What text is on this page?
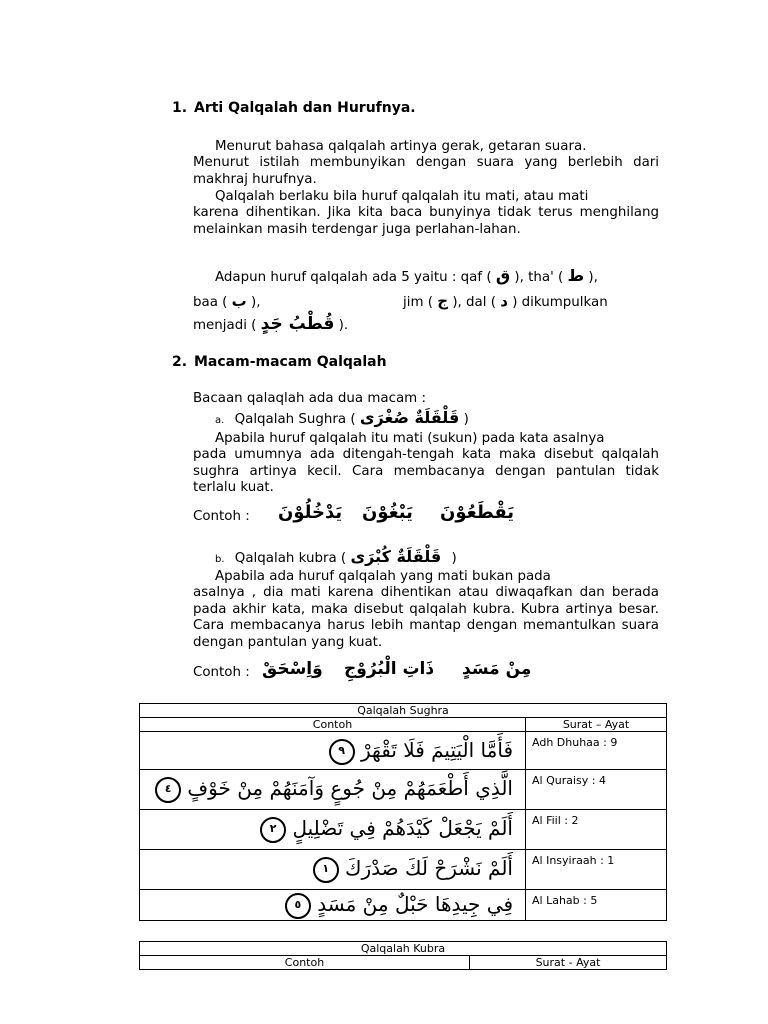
1. Arti Qalqalah dan Hurufnya.
Menurut bahasa qalqalah artinya gerak, getaran suara.
Menurut istilah membunyikan dengan suara yang berlebih dari makhraj hurufnya.
Qalqalah berlaku bila huruf qalqalah itu mati, atau mati
karena dihentikan. Jika kita baca bunyinya tidak terus menghilang melainkan masih terdengar juga perlahan-lahan.
Adapun huruf qalqalah ada 5 yaitu : qaf ( ق ), tha' ( ط ),
baa ( ب ),	jim ( ج ), dal ( د ) dikumpulkan
menjadi ( قُطْبُ جَدٍ ).
2. Macam-macam Qalqalah
Bacaan qalaqlah ada dua macam :
a. Qalqalah Sughra ( قَلْقَلَةٌ صُغْرَى )
Apabila huruf qalqalah itu mati (sukun) pada kata asalnya
pada umumnya ada ditengah-tengah kata maka disebut qalqalah sughra artinya kecil. Cara membacanya dengan pantulan tidak terlalu kuat.
Contoh : يَدْخُلُوْنَ يَبْغُوْنَ يَقْطَعُوْنَ
b. Qalqalah kubra ( قَلْقَلَةٌ كُبْرَى )
Apabila ada huruf qalqalah yang mati bukan pada
asalnya , dia mati karena dihentikan atau diwaqafkan dan berada pada akhir kata, maka disebut qalqalah kubra. Kubra artinya besar. Cara membacanya harus lebih mantap dengan memantulkan suara dengan pantulan yang kuat.
Contoh : وَاِسْحَقْ ذَاتِ الْبُرُوْجِ مِنْ مَسَدٍ
Qalqalah Sughra	
Contoh	Surat – Ayat
فَأَمَّا الْيَتِيمَ فَلَا تَقْهَرْ ٩	Adh Dhuhaa : 9
الَّذِي أَطْعَمَهُمْ مِنْ جُوعٍ وَآمَنَهُمْ مِنْ خَوْفٍ ٤	Al Quraisy : 4
أَلَمْ يَجْعَلْ كَيْدَهُمْ فِي تَضْلِيلٍ ٢	Al Fiil : 2
أَلَمْ نَشْرَحْ لَكَ صَدْرَكَ ١	Al Insyiraah : 1
فِي جِيدِهَا حَبْلٌ مِنْ مَسَدٍ ٥	Al Lahab : 5
Qalqalah Kubra
Contoh	Surat - Ayat
